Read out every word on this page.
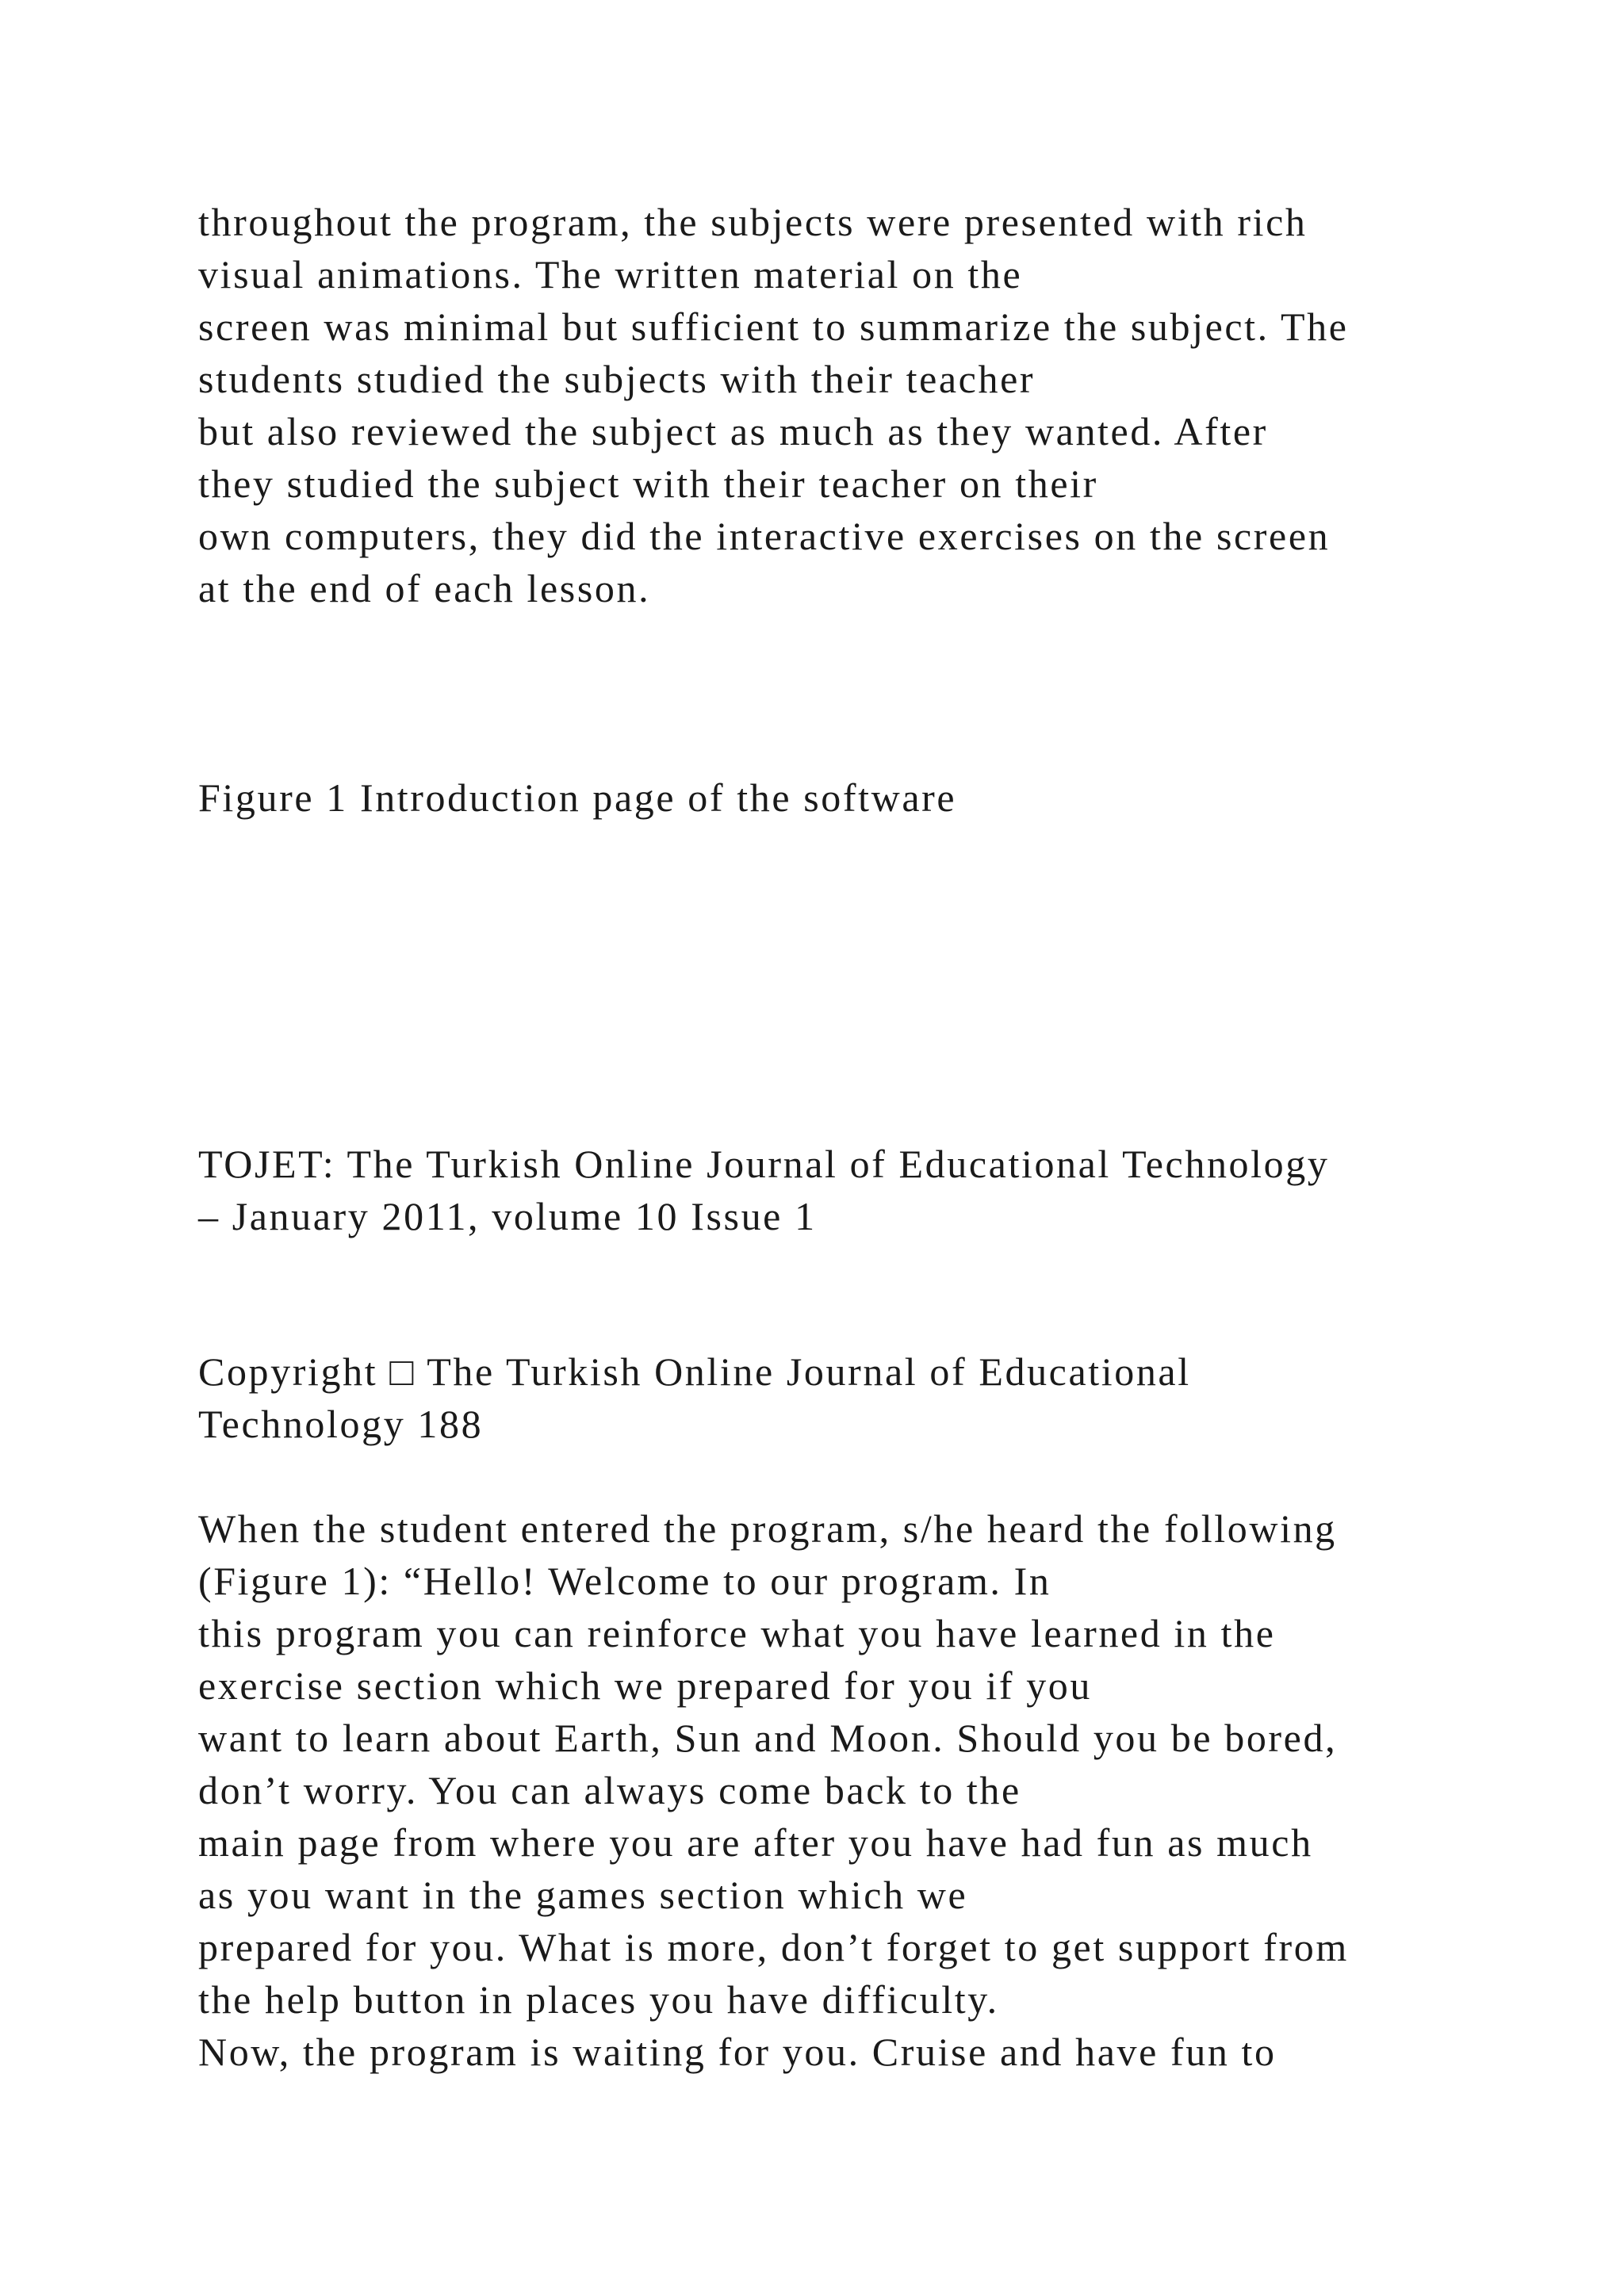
throughout the program, the subjects were presented with rich

visual animations. The written material on the

screen was minimal but sufficient to summarize the subject. The

students studied the subjects with their teacher

but also reviewed the subject as much as they wanted. After

they studied the subject with their teacher on their

own computers, they did the interactive exercises on the screen

at the end of each lesson.

Figure 1 Introduction page of the software

TOJET: The Turkish Online Journal of Educational Technology

– January 2011, volume 10 Issue 1

Copyright □ The Turkish Online Journal of Educational

Technology 188

When the student entered the program, s/he heard the following

(Figure 1): “Hello! Welcome to our program. In

this program you can reinforce what you have learned in the

exercise section which we prepared for you if you

want to learn about Earth, Sun and Moon. Should you be bored,

don’t worry. You can always come back to the

main page from where you are after you have had fun as much

as you want in the games section which we

prepared for you. What is more, don’t forget to get support from

the help button in places you have difficulty.

Now, the program is waiting for you. Cruise and have fun to
